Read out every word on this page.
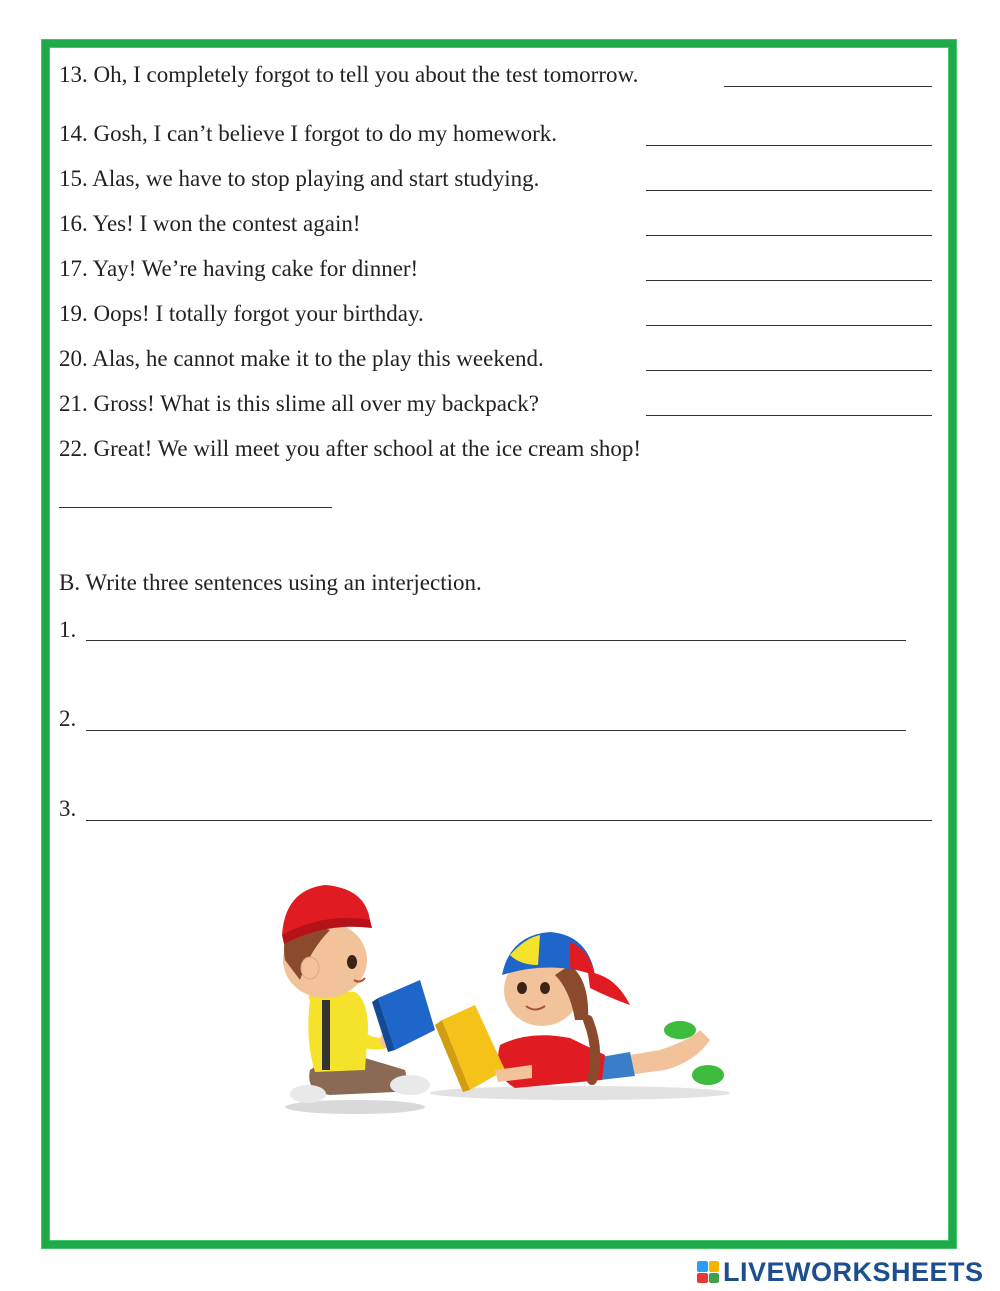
13. Oh, I completely forgot to tell you about the test tomorrow.
14. Gosh, I can’t believe I forgot to do my homework.
15. Alas, we have to stop playing and start studying.
16. Yes! I won the contest again!
17. Yay! We’re having cake for dinner!
19. Oops! I totally forgot your birthday.
20. Alas, he cannot make it to the play this weekend.
21. Gross! What is this slime all over my backpack?
22. Great! We will meet you after school at the ice cream shop!
B. Write three sentences using an interjection.
1.
2.
3.
LIVEWORKSHEETS
